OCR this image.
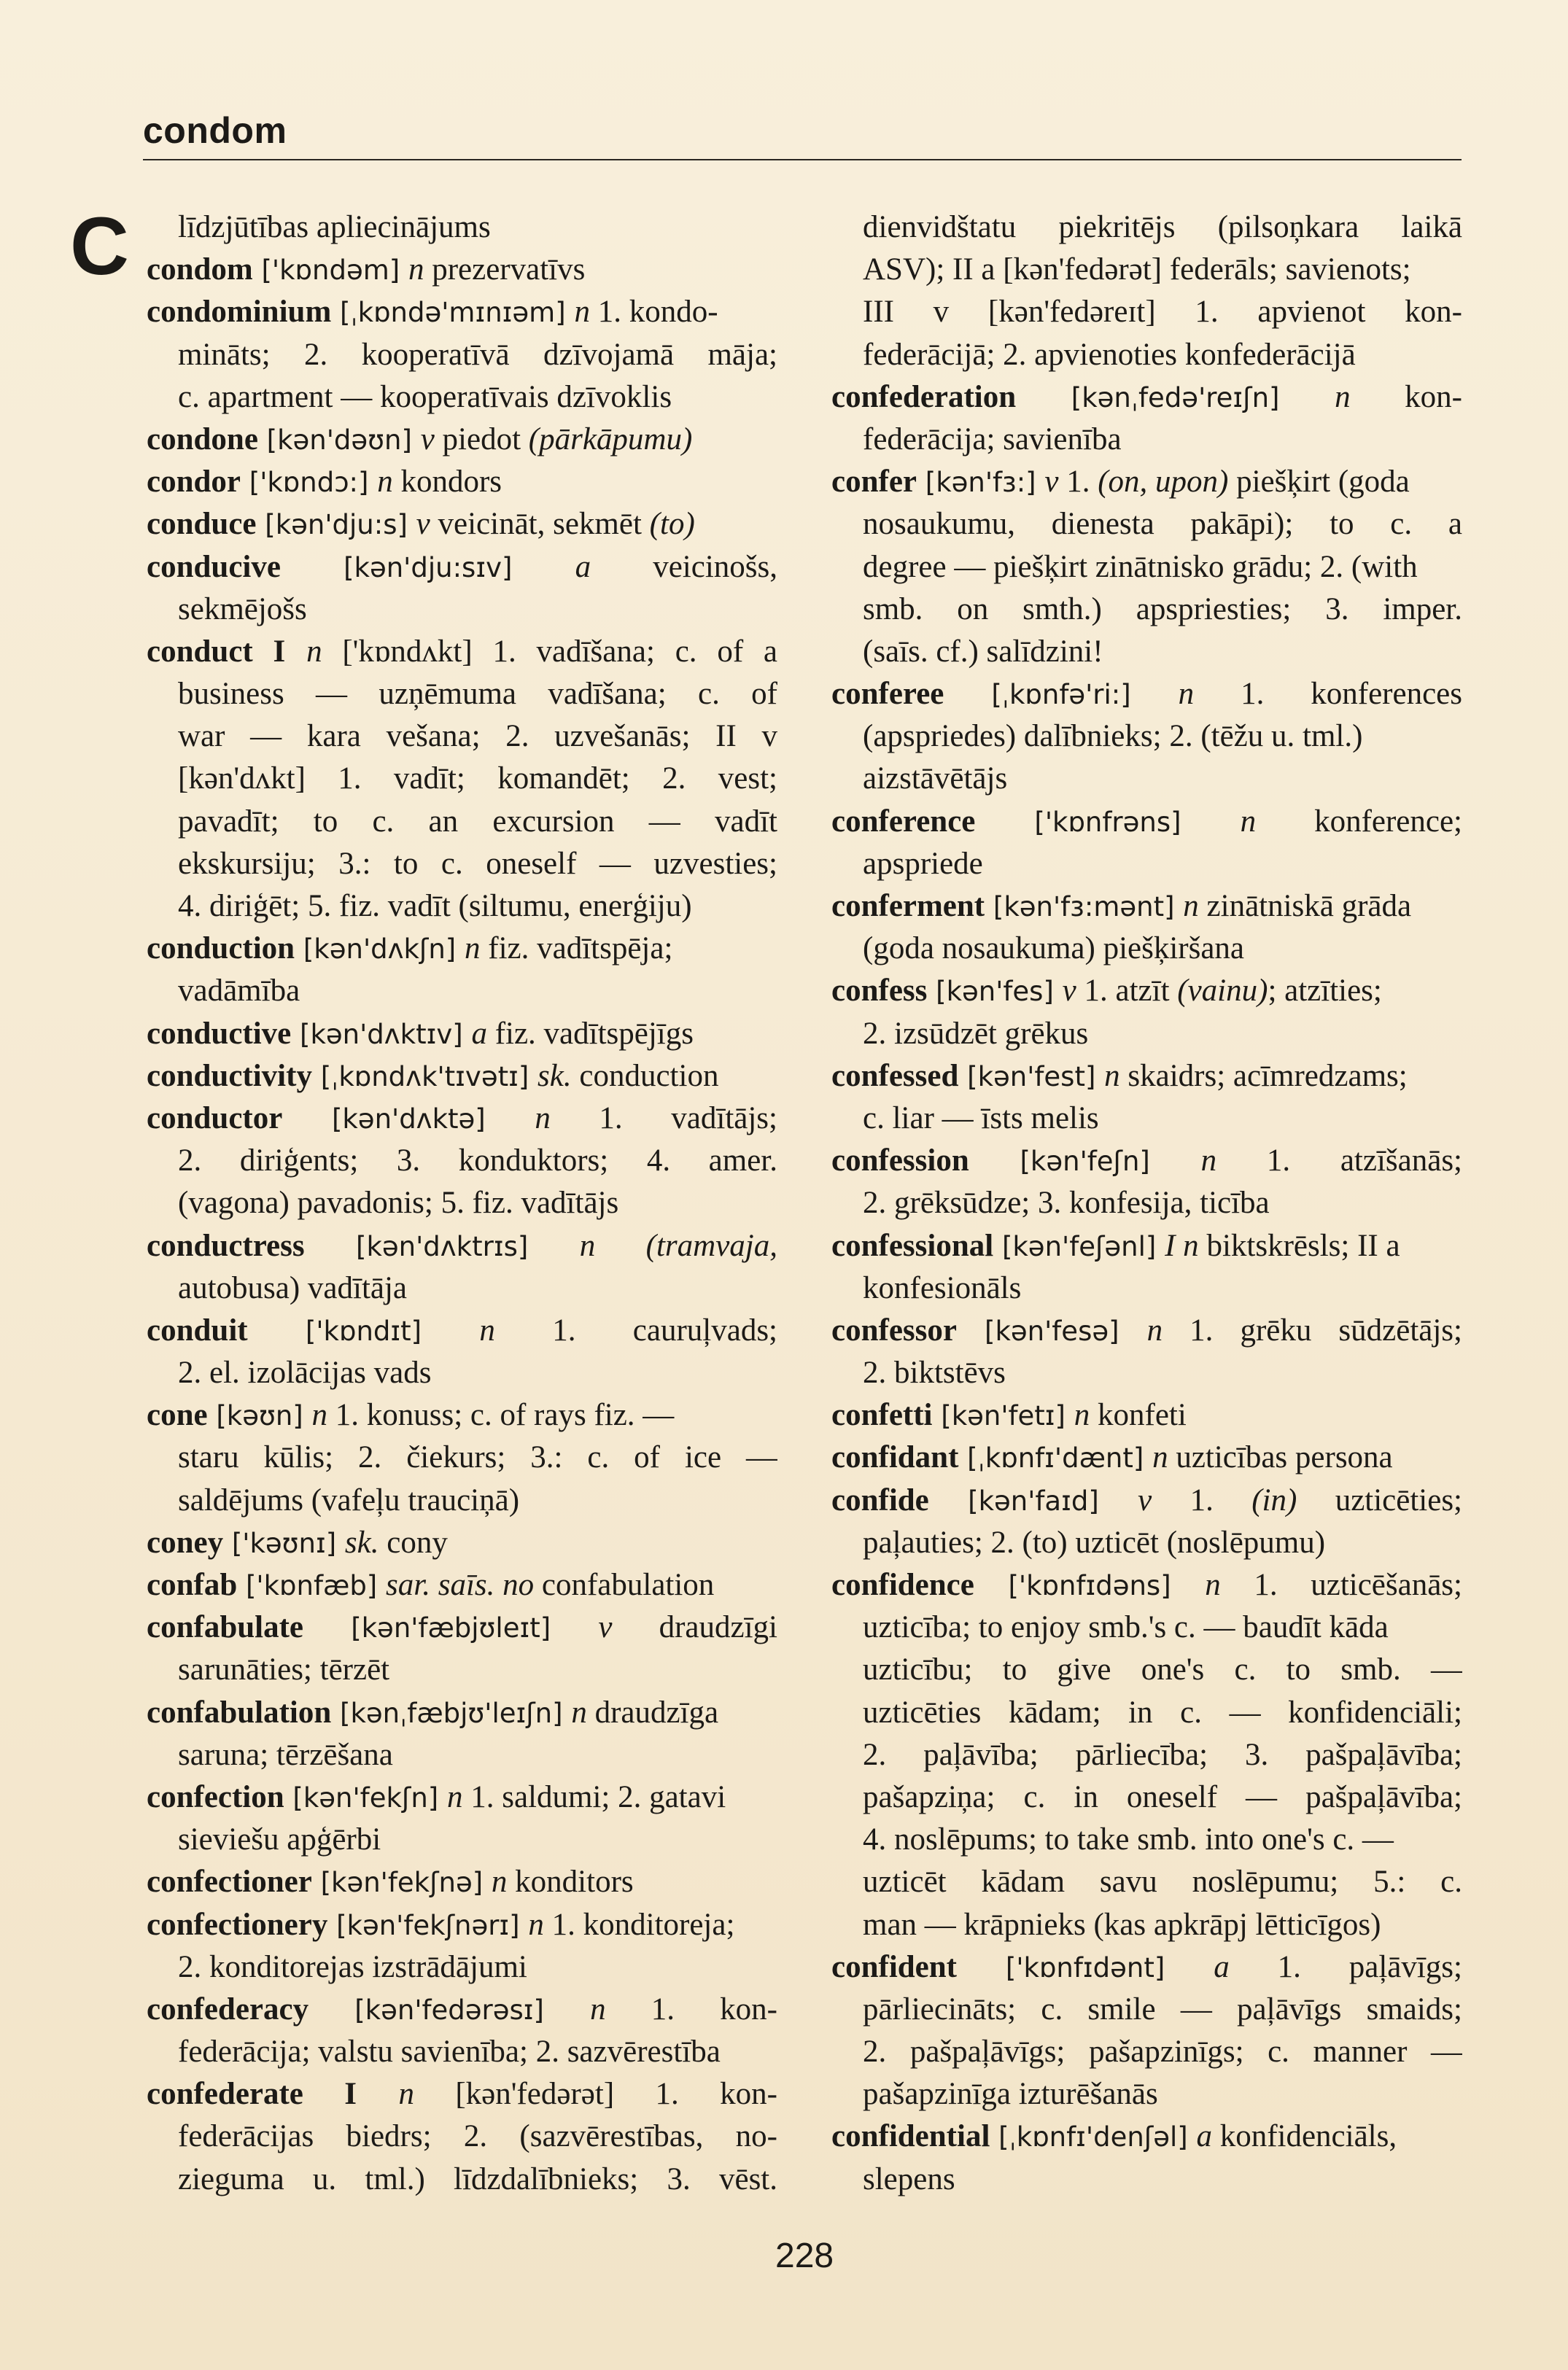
condom
C	līdzjūtības apliecinājums
condom ['kɒndəm] n prezervatīvs
condominium [ˌkɒndə'mɪnɪəm] n 1. kondo-
mināts; 2. kooperatīvā dzīvojamā māja;
c. apartment — kooperatīvais dzīvoklis
condone [kən'dəʊn] v piedot (pārkāpumu)
condor ['kɒndɔ:] n kondors
conduce [kən'dju:s] v veicināt, sekmēt (to)
conducive [kən'dju:sɪv] a veicinošs,
sekmējošs
conduct I n ['kɒndʌkt] 1. vadīšana; c. of a
business — uzņēmuma vadīšana; c. of
war — kara vešana; 2. uzvešanās; II v
[kən'dʌkt] 1. vadīt; komandēt; 2. vest;
pavadīt; to c. an excursion — vadīt
ekskursiju; 3.: to c. oneself — uzvesties;
4. diriģēt; 5. fiz. vadīt (siltumu, enerģiju)
conduction [kən'dʌkʃn] n fiz. vadītspēja;
vadāmība
conductive [kən'dʌktɪv] a fiz. vadītspējīgs
conductivity [ˌkɒndʌk'tɪvətɪ] sk. conduction
conductor [kən'dʌktə] n 1. vadītājs;
2. diriģents; 3. konduktors; 4. amer.
(vagona) pavadonis; 5. fiz. vadītājs
conductress [kən'dʌktrɪs] n (tramvaja,
autobusa) vadītāja
conduit ['kɒndɪt] n 1. cauruļvads;
2. el. izolācijas vads
cone [kəʊn] n 1. konuss; c. of rays fiz. —
staru kūlis; 2. čiekurs; 3.: c. of ice —
saldējums (vafeļu trauciņā)
coney ['kəʊnɪ] sk. cony
confab ['kɒnfæb] sar. saīs. no confabulation
confabulate [kən'fæbjʊleɪt] v draudzīgi
sarunāties; tērzēt
confabulation [kənˌfæbjʊ'leɪʃn] n draudzīga
saruna; tērzēšana
confection [kən'fekʃn] n 1. saldumi; 2. gatavi
sieviešu apģērbi
confectioner [kən'fekʃnə] n konditors
confectionery [kən'fekʃnərɪ] n 1. konditoreja;
2. konditorejas izstrādājumi
confederacy [kən'fedərəsɪ] n 1. kon-
federācija; valstu savienība; 2. sazvērestība
confederate I n [kən'fedərət] 1. kon-
federācijas biedrs; 2. (sazvērestības, no-
zieguma u. tml.) līdzdalībnieks; 3. vēst.
dienvidštatu piekritējs (pilsoņkara laikā
ASV); II a [kən'fedərət] federāls; savienots;
III v [kən'fedəreɪt] 1. apvienot kon-
federācijā; 2. apvienoties konfederācijā
confederation [kənˌfedə'reɪʃn] n kon-
federācija; savienība
confer [kən'fɜ:] v 1. (on, upon) piešķirt (goda
nosaukumu, dienesta pakāpi); to c. a
degree — piešķirt zinātnisko grādu; 2. (with
smb. on smth.) apspriesties; 3. imper.
(saīs. cf.) salīdzini!
conferee [ˌkɒnfə'ri:] n 1. konferences
(apspriedes) dalībnieks; 2. (tēžu u. tml.)
aizstāvētājs
conference ['kɒnfrəns] n konference;
apspriede
conferment [kən'fɜ:mənt] n zinātniskā grāda
(goda nosaukuma) piešķiršana
confess [kən'fes] v 1. atzīt (vainu); atzīties;
2. izsūdzēt grēkus
confessed [kən'fest] n skaidrs; acīmredzams;
c. liar — īsts melis
confession [kən'feʃn] n 1. atzīšanās;
2. grēksūdze; 3. konfesija, ticība
confessional [kən'feʃənl] I n biktskrēsls; II a
konfesionāls
confessor [kən'fesə] n 1. grēku sūdzētājs;
2. biktstēvs
confetti [kən'fetɪ] n konfeti
confidant [ˌkɒnfɪ'dænt] n uzticības persona
confide [kən'faɪd] v 1. (in) uzticēties;
paļauties; 2. (to) uzticēt (noslēpumu)
confidence ['kɒnfɪdəns] n 1. uzticēšanās;
uzticība; to enjoy smb.'s c. — baudīt kāda
uzticību; to give one's c. to smb. —
uzticēties kādam; in c. — konfidenciāli;
2. paļāvība; pārliecība; 3. pašpaļāvība;
pašapziņa; c. in oneself — pašpaļāvība;
4. noslēpums; to take smb. into one's c. —
uzticēt kādam savu noslēpumu; 5.: c.
man — krāpnieks (kas apkrāpj lētticīgos)
confident ['kɒnfɪdənt] a 1. paļāvīgs;
pārliecināts; c. smile — paļāvīgs smaids;
2. pašpaļāvīgs; pašapzinīgs; c. manner —
pašapzinīga izturēšanās
confidential [ˌkɒnfɪ'denʃəl] a konfidenciāls,
slepens
228
